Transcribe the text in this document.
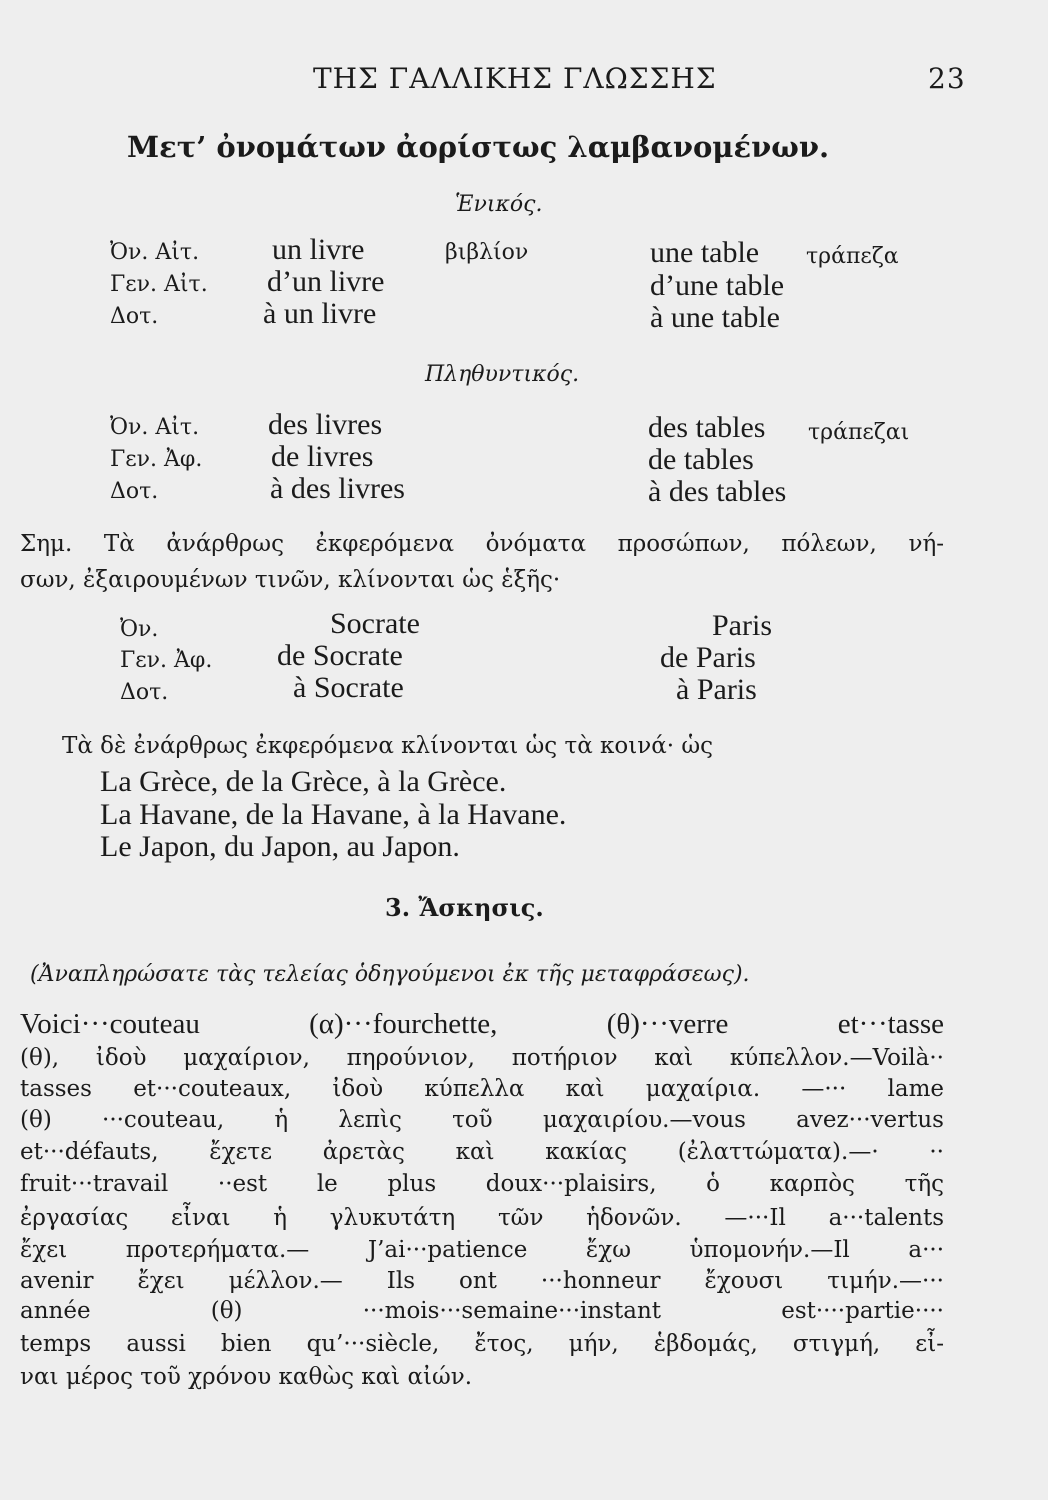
ΤΗΣ ΓΑΛΛΙΚΗΣ ΓΛΩΣΣΗΣ	23
Μετ’ ὀνομάτων ἀορίστως λαμβανομένων.
Ἑνικός.
Ὀν. Αἰτ. un livre	βιβλίον	une table τράπεζα
Γεν. Αἰτ. d’un livre	d’une table
Δοτ.	à un livre	à une table
Πληθυντικός.
Ὀν. Αἰτ. des livres	des tables τράπεζαι
Γεν. Ἀφ. de livres	de tables
Δοτ.	à des livres	à des tables
Σημ. Τὰ ἀνάρθρως ἐκφερόμενα ὀνόματα προσώπων, πόλεων, νή-
σων, ἐξαιρουμένων τινῶν, κλίνονται ὡς ἑξῆς·
Ὀν.	Socrate	Paris
Γεν. Ἀφ. de Socrate	de Paris
Δοτ.	à Socrate	à Paris
Τὰ δὲ ἐνάρθρως ἐκφερόμενα κλίνονται ὡς τὰ κοινά· ὡς
La Grèce, de la Grèce, à la Grèce.
La Havane, de la Havane, à la Havane.
Le Japon, du Japon, au Japon.
3. Ἄσκησις.
(Ἀναπληρώσατε τὰς τελείας ὁδηγούμενοι ἐκ τῆς μεταφράσεως).
Voici···couteau (α)···fourchette, (θ)···verre et···tasse
(θ), ἰδοὺ μαχαίριον, πηρούνιον, ποτήριον καὶ κύπελλον.—Voilà··
tasses et···couteaux, ἰδοὺ κύπελλα καὶ μαχαίρια. —··· lame
(θ) ···couteau, ἡ λεπὶς τοῦ μαχαιρίου.—vous avez···vertus
et···défauts, ἔχετε ἀρετὰς καὶ κακίας (ἐλαττώματα).—· ··
fruit···travail ··est le plus doux···plaisirs, ὁ καρπὸς τῆς
ἐργασίας εἶναι ἡ γλυκυτάτη τῶν ἡδονῶν. —···Il a···talents
ἔχει προτερήματα.— J’ai···patience ἔχω ὑπομονήν.—Il a···
avenir ἔχει μέλλον.— Ils ont ···honneur ἔχουσι τιμήν.—···
année (θ) ···mois···semaine···instant est····partie····
temps aussi bien qu’···siècle, ἔτος, μήν, ἑβδομάς, στιγμή, εἶ-
ναι μέρος τοῦ χρόνου καθὼς καὶ αἰών.
